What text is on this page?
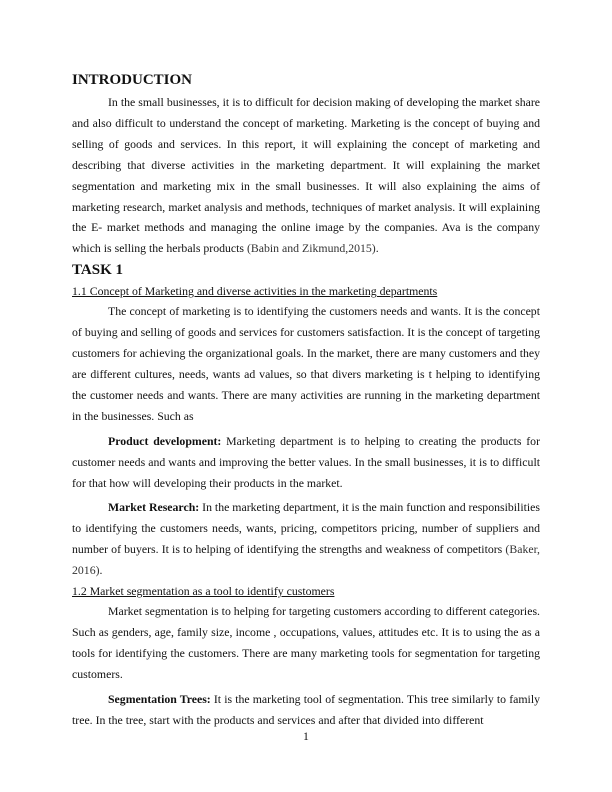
INTRODUCTION

In the small businesses, it is to difficult for decision making of developing the market share and also difficult to understand the concept of marketing. Marketing is the concept of buying and selling of goods and services. In this report, it will explaining the concept of marketing and describing that diverse activities in the marketing department. It will explaining the market segmentation and marketing mix in the small businesses. It will also explaining the aims of marketing research, market analysis and methods, techniques of market analysis. It will explaining the E- market methods and managing the online image by the companies. Ava is the company which is selling the herbals products (Babin and Zikmund,2015).

TASK 1
1.1 Concept of Marketing and diverse activities in the marketing departments

The concept of marketing is to identifying the customers needs and wants. It is the concept of buying and selling of goods and services for customers satisfaction. It is the concept of targeting customers for achieving the organizational goals. In the market, there are many customers and they are different cultures, needs, wants ad values, so that divers marketing is t helping to identifying the customer needs and wants. There are many activities are running in the marketing department in the businesses. Such as

Product development: Marketing department is to helping to creating the products for customer needs and wants and improving the better values. In the small businesses, it is to difficult for that how will developing their products in the market.

Market Research: In the marketing department, it is the main function and responsibilities to identifying the customers needs, wants, pricing, competitors pricing, number of suppliers and number of buyers. It is to helping of identifying the strengths and weakness of competitors (Baker, 2016).

1.2 Market segmentation as a tool to identify customers

Market segmentation is to helping for targeting customers according to different categories. Such as genders, age, family size, income , occupations, values, attitudes etc. It is to using the as a tools for identifying the customers. There are many marketing tools for segmentation for targeting customers.

Segmentation Trees: It is the marketing tool of segmentation. This tree similarly to family tree. In the tree, start with the products and services and after that divided into different

1
